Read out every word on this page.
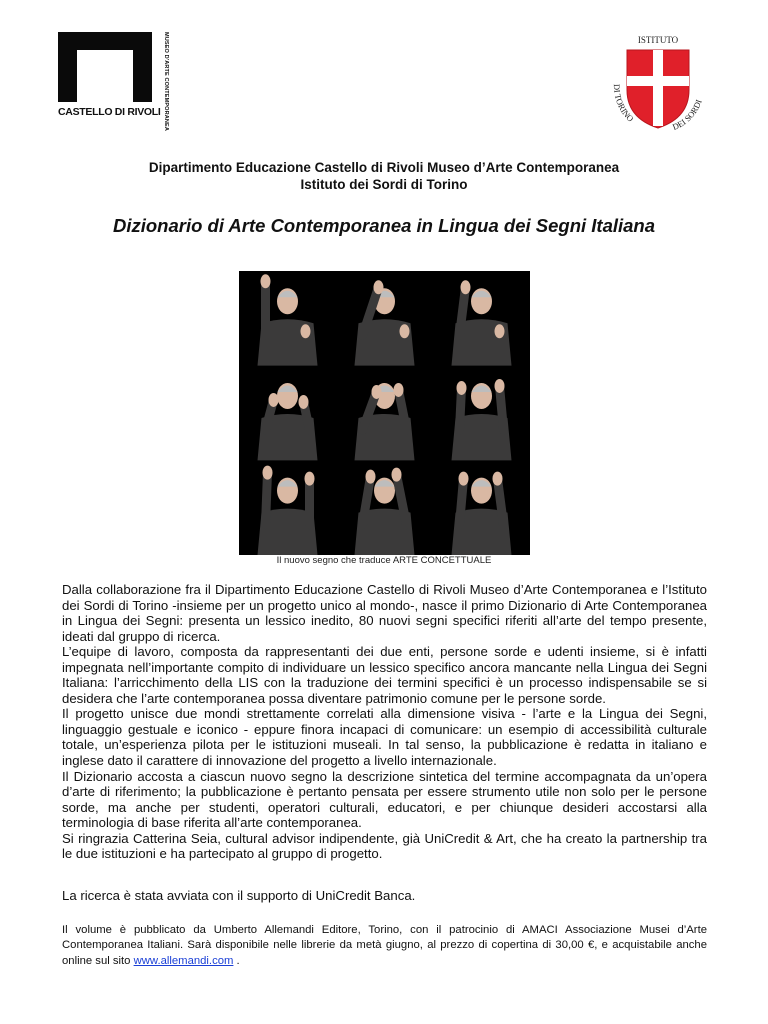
CASTELLO DI RIVOLI MUSEO D'ARTE CONTEMPORANEA	ISTITUTO
DI TORINO
DEI SORDI
Dipartimento Educazione Castello di Rivoli Museo d’Arte Contemporanea
Istituto dei Sordi di Torino
Dizionario di Arte Contemporanea in Lingua dei Segni Italiana
Il nuovo segno che traduce ARTE CONCETTUALE

Dalla collaborazione fra il Dipartimento Educazione Castello di Rivoli Museo d’Arte Contemporanea e l’Istituto dei Sordi di Torino -insieme per un progetto unico al mondo-, nasce il primo Dizionario di Arte Contemporanea in Lingua dei Segni: presenta un lessico inedito, 80 nuovi segni specifici riferiti all’arte del tempo presente, ideati dal gruppo di ricerca.

L’equipe di lavoro, composta da rappresentanti dei due enti, persone sorde e udenti insieme, si è infatti impegnata nell’importante compito di individuare un lessico specifico ancora mancante nella Lingua dei Segni Italiana: l’arricchimento della LIS con la traduzione dei termini specifici è un processo indispensabile se si desidera che l’arte contemporanea possa diventare patrimonio comune per le persone sorde.

Il progetto unisce due mondi strettamente correlati alla dimensione visiva - l’arte e la Lingua dei Segni, linguaggio gestuale e iconico - eppure finora incapaci di comunicare: un esempio di accessibilità culturale totale, un’esperienza pilota per le istituzioni museali. In tal senso, la pubblicazione è redatta in italiano e inglese dato il carattere di innovazione del progetto a livello internazionale.

Il Dizionario accosta a ciascun nuovo segno la descrizione sintetica del termine accompagnata da un’opera d’arte di riferimento; la pubblicazione è pertanto pensata per essere strumento utile non solo per le persone sorde, ma anche per studenti, operatori culturali, educatori, e per chiunque desideri accostarsi alla terminologia di base riferita all’arte contemporanea.

Si ringrazia Catterina Seia, cultural advisor indipendente, già UniCredit & Art, che ha creato la partnership tra le due istituzioni e ha partecipato al gruppo di progetto.

La ricerca è stata avviata con il supporto di UniCredit Banca.
Il volume è pubblicato da Umberto Allemandi Editore, Torino, con il patrocinio di AMACI Associazione Musei d’Arte Contemporanea Italiani. Sarà disponibile nelle librerie da metà giugno, al prezzo di copertina di 30,00 €, e acquistabile anche online sul sito www.allemandi.com .
